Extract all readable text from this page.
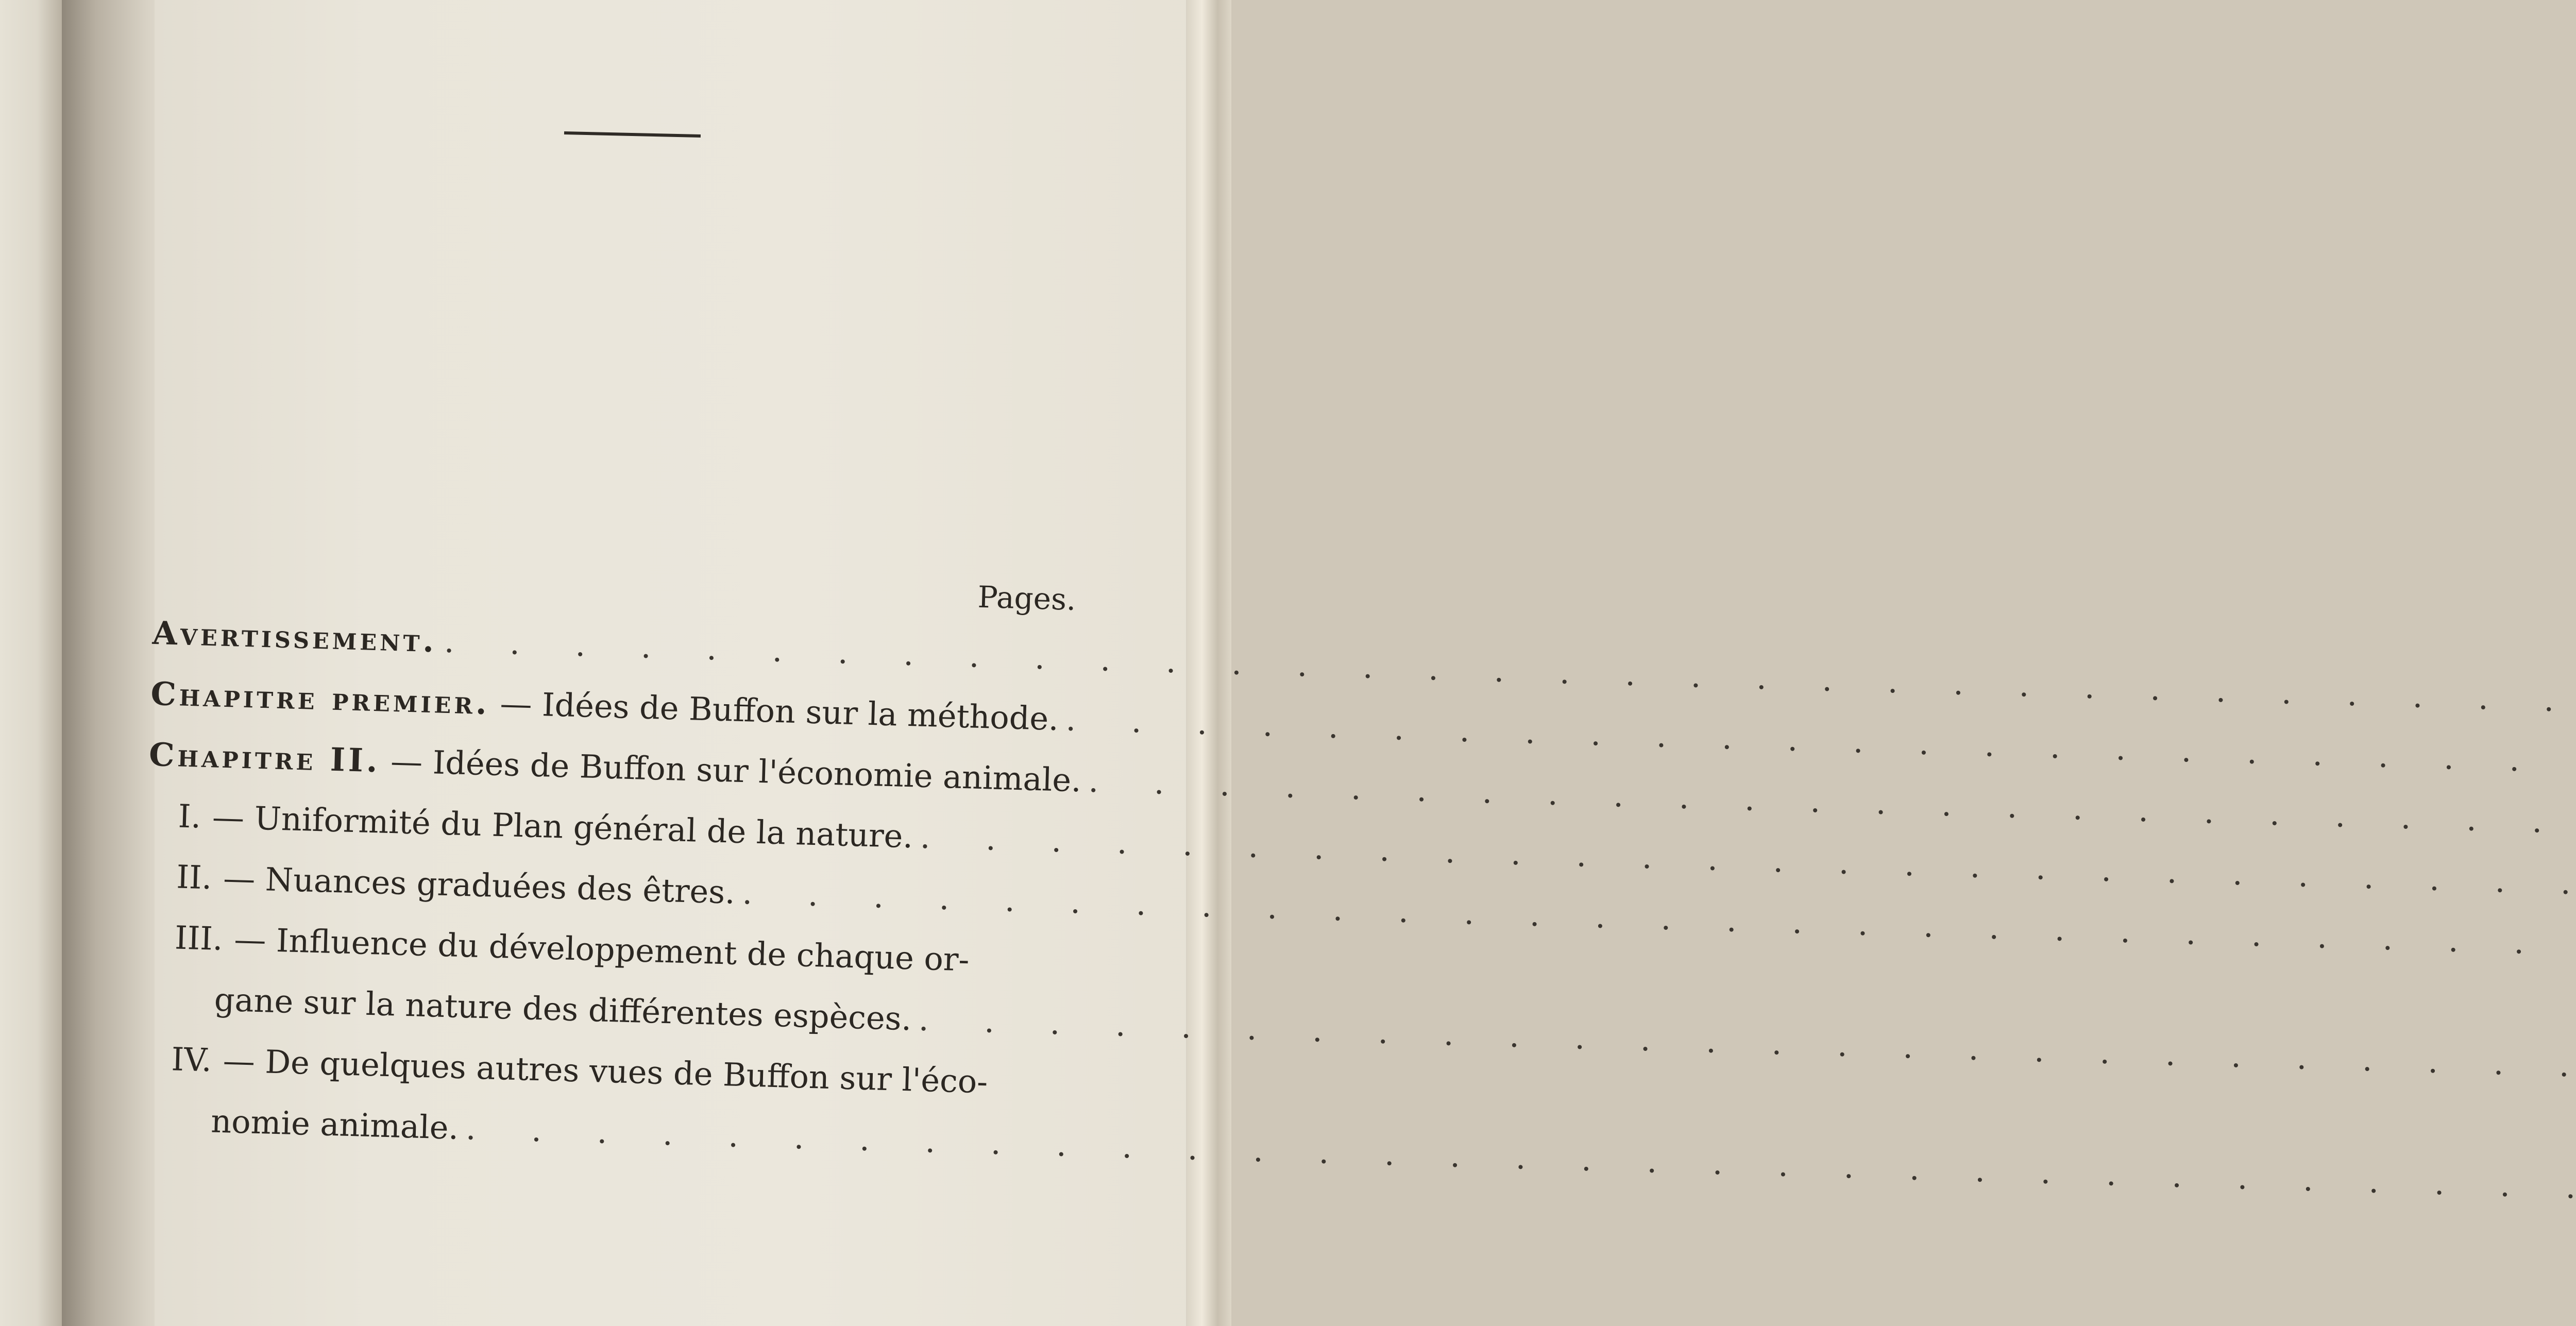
Pages.
Avertissement.
. . .
Chapitre premier. — Idées de Buffon sur la méthode.
. . .
Chapitre II. — Idées de Buffon sur l'économie animale.
. . .
I. — Uniformité du Plan général de la nature.
. . .
II. — Nuances graduées des êtres.
. . .
III. — Influence du développement de chaque or-
gane sur la nature des différentes espèces.
. . .
IV. — De quelques autres vues de Buffon sur l'éco-
nomie animale.
. . .
